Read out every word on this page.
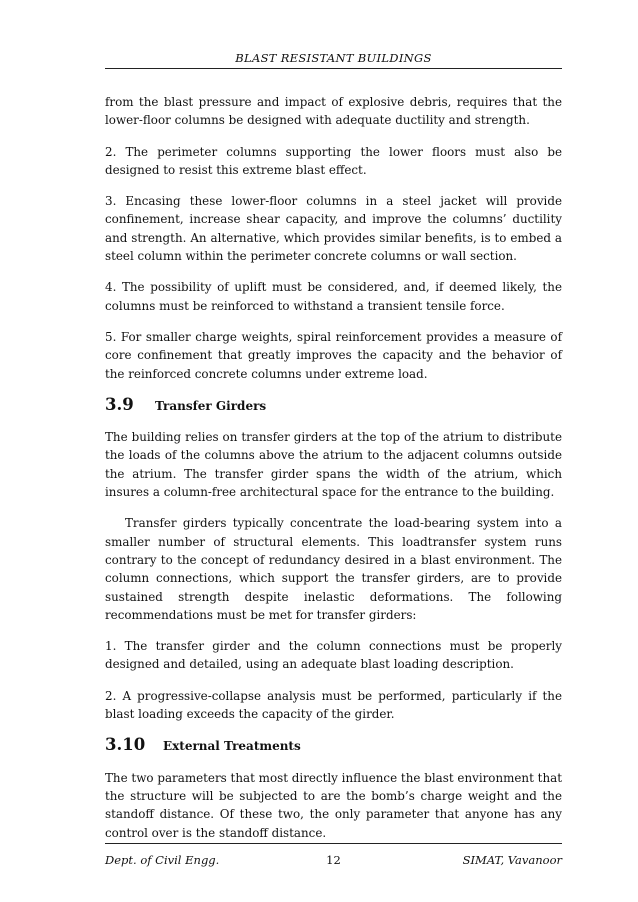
BLAST RESISTANT BUILDINGS

from the blast pressure and impact of explosive debris, requires that the lower-floor columns be designed with adequate ductility and strength.

2. The perimeter columns supporting the lower floors must also be designed to resist this extreme blast effect.

3. Encasing these lower-floor columns in a steel jacket will provide confinement, increase shear capacity, and improve the columns’ ductility and strength. An alternative, which provides similar benefits, is to embed a steel column within the perimeter concrete columns or wall section.

4. The possibility of uplift must be considered, and, if deemed likely, the columns must be reinforced to withstand a transient tensile force.

5. For smaller charge weights, spiral reinforcement provides a measure of core confinement that greatly improves the capacity and the behavior of the reinforced concrete columns under extreme load.

3.9	Transfer Girders

The building relies on transfer girders at the top of the atrium to distribute the loads of the columns above the atrium to the adjacent columns outside the atrium. The transfer girder spans the width of the atrium, which insures a column-free architectural space for the entrance to the building.

Transfer girders typically concentrate the load-bearing system into a smaller number of structural elements. This loadtransfer system runs contrary to the concept of redundancy desired in a blast environment. The column connections, which support the transfer girders, are to provide sustained strength despite inelastic deformations. The following recommendations must be met for transfer girders:

1. The transfer girder and the column connections must be properly designed and detailed, using an adequate blast loading description.

2. A progressive-collapse analysis must be performed, particularly if the blast loading exceeds the capacity of the girder.

3.10	External Treatments

The two parameters that most directly influence the blast environment that the structure will be subjected to are the bomb’s charge weight and the standoff distance. Of these two, the only parameter that anyone has any control over is the standoff distance.

Dept. of Civil Engg.	12	SIMAT, Vavanoor
